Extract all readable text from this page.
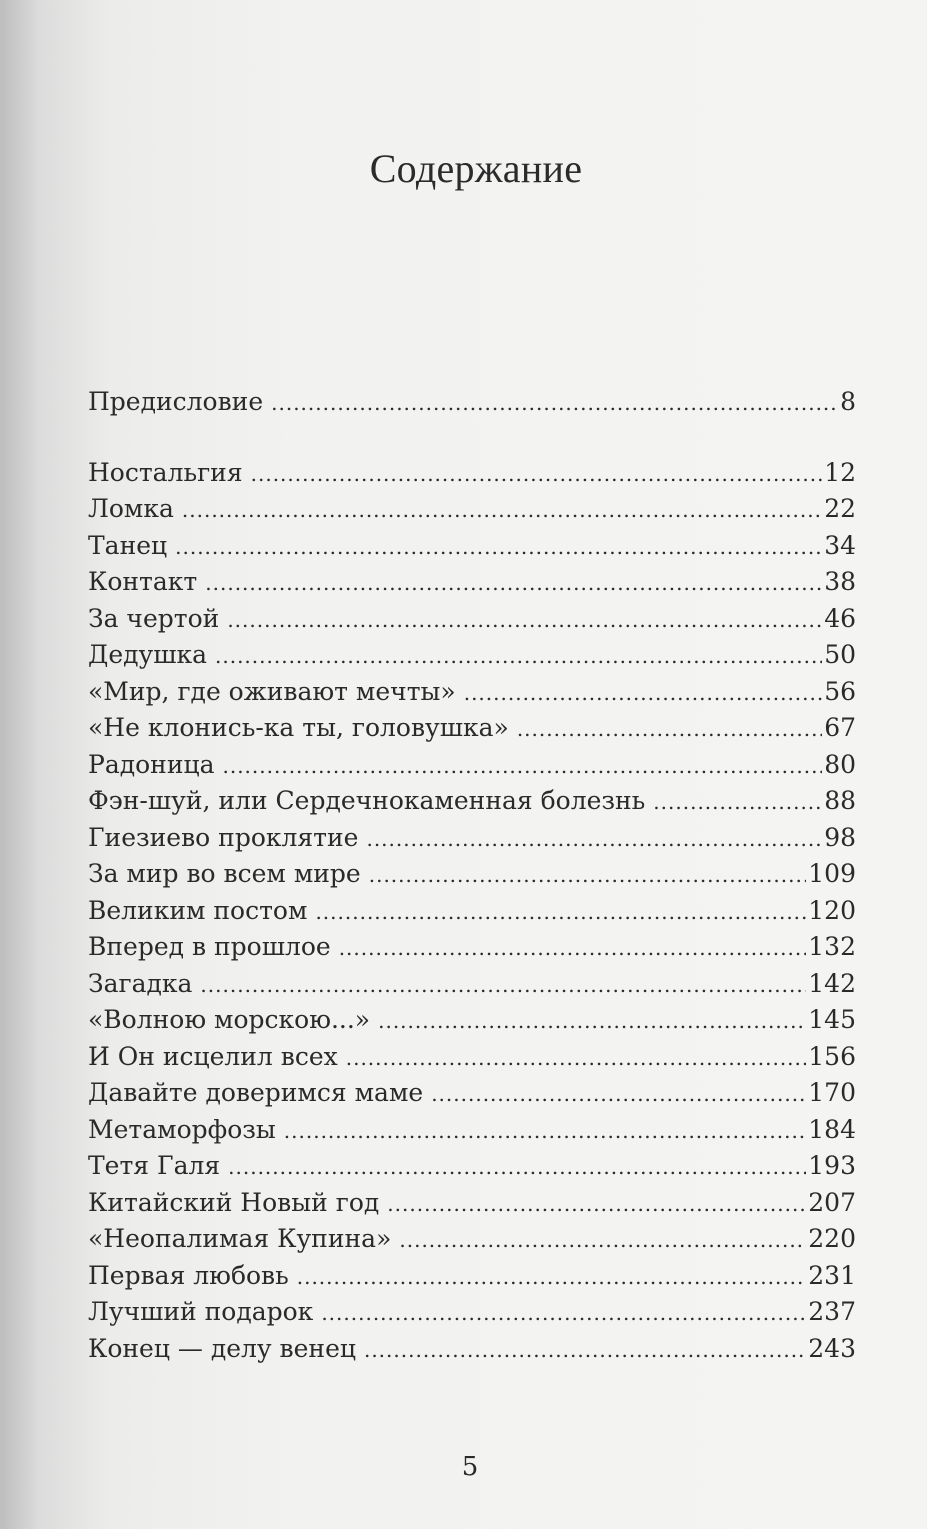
Содержание
Предисловие .....	8
Ностальгия .....	12
Ломка .....	22
Танец .....	34
Контакт .....	38
За чертой .....	46
Дедушка .....	50
«Мир, где оживают мечты» .....	56
«Не клонись-ка ты, головушка» .....	67
Радоница .....	80
Фэн-шуй, или Сердечнокаменная болезнь .....	88
Гиезиево проклятие .....	98
За мир во всем мире .....	109
Великим постом .....	120
Вперед в прошлое .....	132
Загадка .....	142
«Волною морскою...» .....	145
И Он исцелил всех .....	156
Давайте доверимся маме .....	170
Метаморфозы .....	184
Тетя Галя .....	193
Китайский Новый год .....	207
«Неопалимая Купина» .....	220
Первая любовь .....	231
Лучший подарок .....	237
Конец — делу венец .....	243
5
